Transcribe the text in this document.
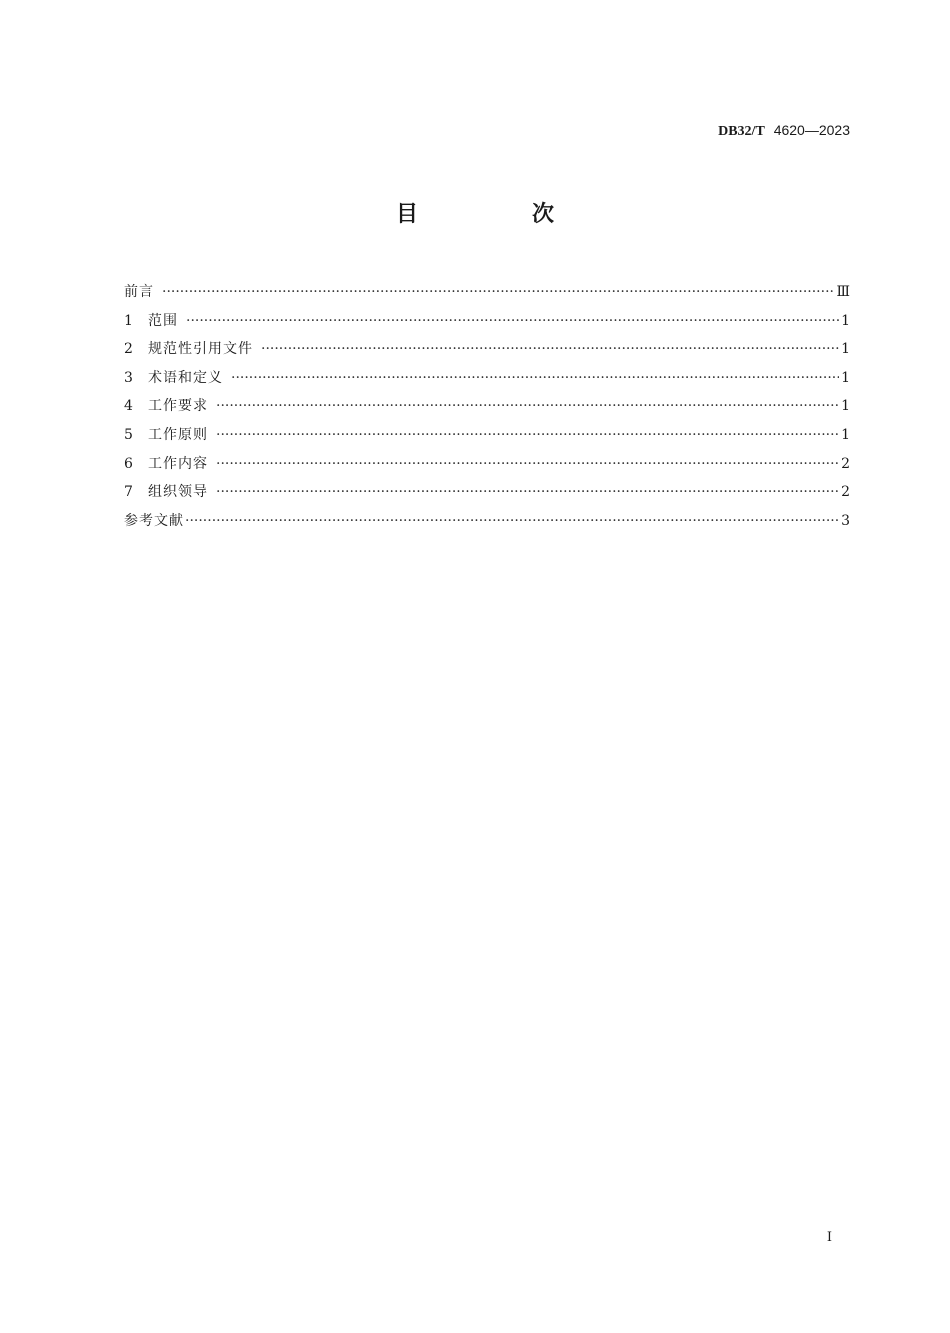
DB32/T 4620—2023
目　次
前言 ·····	Ⅲ
1	范围 ·····	1
2	规范性引用文件 ·····	1
3	术语和定义 ·····	1
4	工作要求 ·····	1
5	工作原则 ·····	1
6	工作内容 ·····	2
7	组织领导 ·····	2
参考文献 ·····	3
I
